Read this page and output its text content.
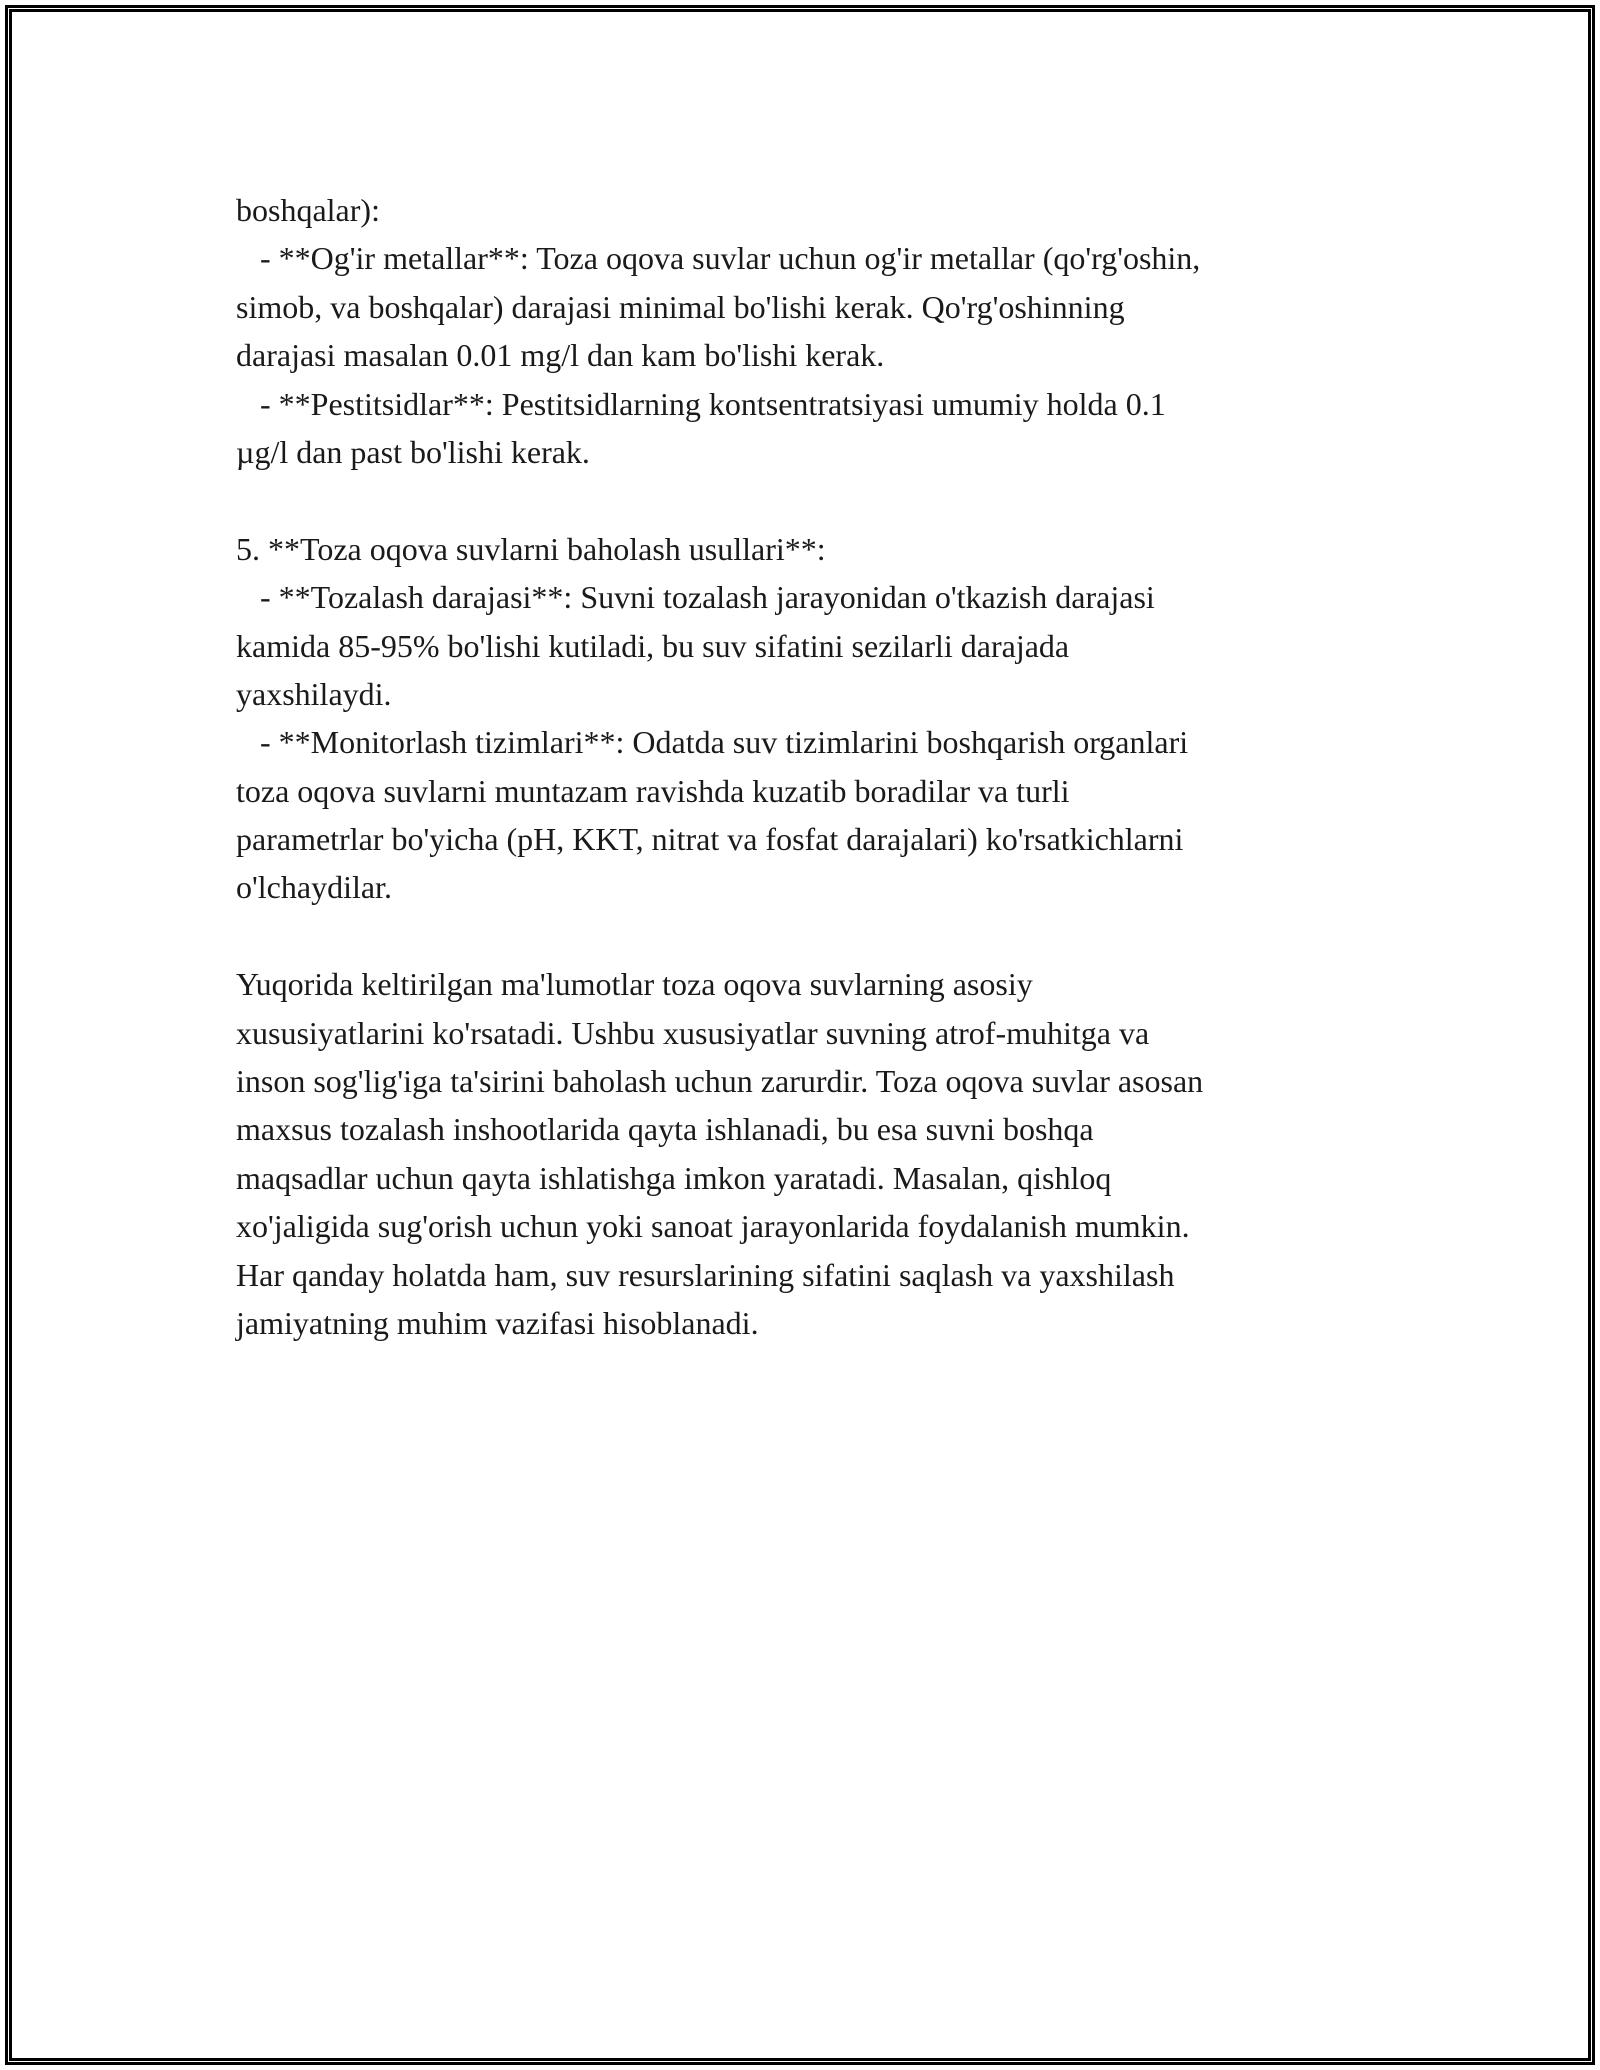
boshqalar):
- **Og'ir metallar**: Toza oqova suvlar uchun og'ir metallar (qo'rg'oshin,
simob, va boshqalar) darajasi minimal bo'lishi kerak. Qo'rg'oshinning
darajasi masalan 0.01 mg/l dan kam bo'lishi kerak.
- **Pestitsidlar**: Pestitsidlarning kontsentratsiyasi umumiy holda 0.1
µg/l dan past bo'lishi kerak.
5. **Toza oqova suvlarni baholash usullari**:
- **Tozalash darajasi**: Suvni tozalash jarayonidan o'tkazish darajasi
kamida 85-95% bo'lishi kutiladi, bu suv sifatini sezilarli darajada
yaxshilaydi.
- **Monitorlash tizimlari**: Odatda suv tizimlarini boshqarish organlari
toza oqova suvlarni muntazam ravishda kuzatib boradilar va turli
parametrlar bo'yicha (pH, KKT, nitrat va fosfat darajalari) ko'rsatkichlarni
o'lchaydilar.
Yuqorida keltirilgan ma'lumotlar toza oqova suvlarning asosiy
xususiyatlarini ko'rsatadi. Ushbu xususiyatlar suvning atrof-muhitga va
inson sog'lig'iga ta'sirini baholash uchun zarurdir. Toza oqova suvlar asosan
maxsus tozalash inshootlarida qayta ishlanadi, bu esa suvni boshqa
maqsadlar uchun qayta ishlatishga imkon yaratadi. Masalan, qishloq
xo'jaligida sug'orish uchun yoki sanoat jarayonlarida foydalanish mumkin.
Har qanday holatda ham, suv resurslarining sifatini saqlash va yaxshilash
jamiyatning muhim vazifasi hisoblanadi.
